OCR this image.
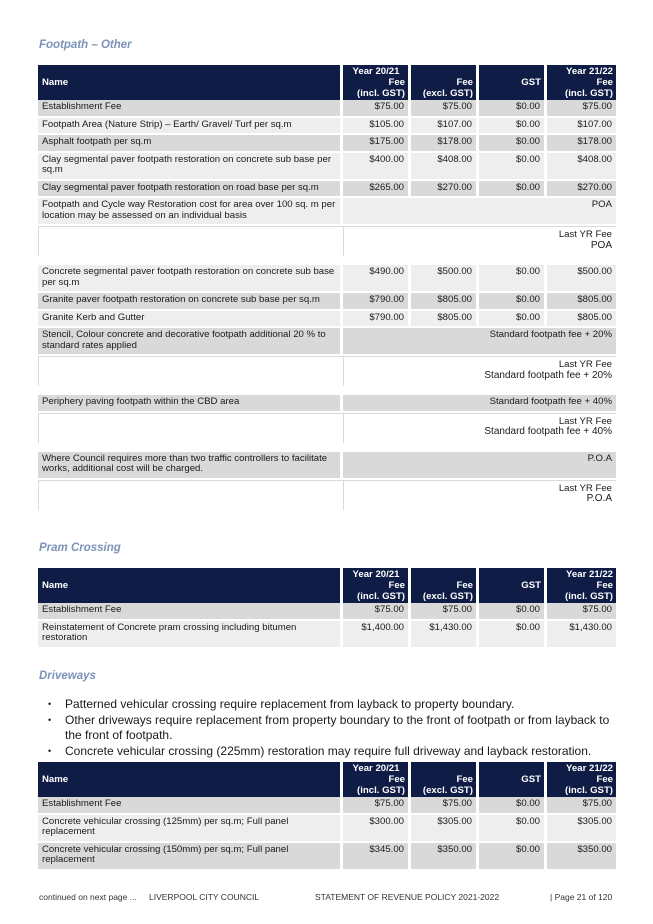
Footpath – Other
Name	Year 20/21
Fee
(incl. GST)	Fee
(excl. GST)	GST	Year 21/22
Fee
(incl. GST)

Establishment Fee	$75.00	$75.00	$0.00	$75.00
Footpath Area (Nature Strip) – Earth/ Gravel/ Turf per sq.m	$105.00	$107.00	$0.00	$107.00
Asphalt footpath per sq.m	$175.00	$178.00	$0.00	$178.00
Clay segmental paver footpath restoration on concrete sub base per sq.m	$400.00	$408.00	$0.00	$408.00
Clay segmental paver footpath restoration on road base per sq.m	$265.00	$270.00	$0.00	$270.00
Footpath and Cycle way Restoration cost for area over 100 sq. m per location may be assessed on an individual basis	POA			

	Last YR Fee
POA			

Concrete segmental paver footpath restoration on concrete sub base per sq.m	$490.00	$500.00	$0.00	$500.00
Granite paver footpath restoration on concrete sub base per sq.m	$790.00	$805.00	$0.00	$805.00
Granite Kerb and Gutter	$790.00	$805.00	$0.00	$805.00
Stencil, Colour concrete and decorative footpath additional 20 % to standard rates applied	Standard footpath fee + 20%			

	Last YR Fee
Standard footpath fee + 20%			

Periphery paving footpath within the CBD area	Standard footpath fee + 40%			

	Last YR Fee
Standard footpath fee + 40%			

Where Council requires more than two traffic controllers to facilitate works, additional cost will be charged.	P.O.A			

	Last YR Fee
P.O.A			
Pram Crossing
Name	Year 20/21
Fee
(incl. GST)	Fee
(excl. GST)	GST	Year 21/22
Fee
(incl. GST)

Establishment Fee	$75.00	$75.00	$0.00	$75.00
Reinstatement of Concrete pram crossing including bitumen restoration	$1,400.00	$1,430.00	$0.00	$1,430.00
Driveways
• Patterned vehicular crossing require replacement from layback to property boundary.
• Other driveways require replacement from property boundary to the front of footpath or from layback to the front of footpath.
• Concrete vehicular crossing (225mm) restoration may require full driveway and layback restoration.
Name	Year 20/21
Fee
(incl. GST)	Fee
(excl. GST)	GST	Year 21/22
Fee
(incl. GST)

Establishment Fee	$75.00	$75.00	$0.00	$75.00
Concrete vehicular crossing (125mm) per sq.m; Full panel replacement	$300.00	$305.00	$0.00	$305.00
Concrete vehicular crossing (150mm) per sq.m; Full panel replacement	$345.00	$350.00	$0.00	$350.00
continued on next page ... LIVERPOOL CITY COUNCIL	STATEMENT OF REVENUE POLICY 2021-2022	| Page 21 of 120
